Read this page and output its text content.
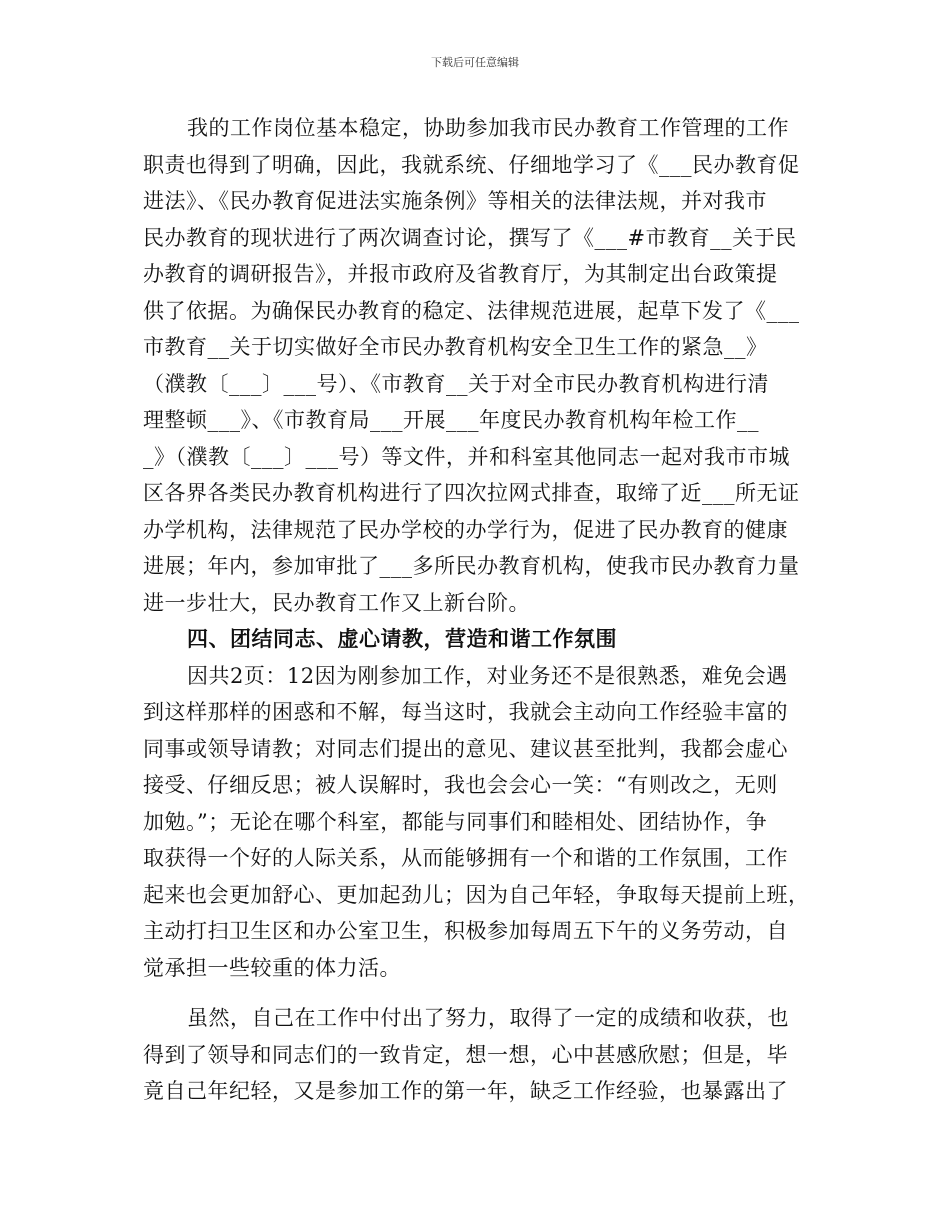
下载后可任意编辑
我的工作岗位基本稳定，协助参加我市民办教育工作管理的工作
职责也得到了明确，因此，我就系统、仔细地学习了《___民办教育促
进法》、《民办教育促进法实施条例》等相关的法律法规，并对我市
民办教育的现状进行了两次调查讨论，撰写了《___#市教育__关于民
办教育的调研报告》，并报市政府及省教育厅，为其制定出台政策提
供了依据。为确保民办教育的稳定、法律规范进展，起草下发了《___
市教育__关于切实做好全市民办教育机构安全卫生工作的紧急__》
（濮教〔___〕___号）、《市教育__关于对全市民办教育机构进行清
理整顿___》、《市教育局___开展___年度民办教育机构年检工作__
_》（濮教〔___〕___号）等文件，并和科室其他同志一起对我市市城
区各界各类民办教育机构进行了四次拉网式排查，取缔了近___所无证
办学机构，法律规范了民办学校的办学行为，促进了民办教育的健康
进展；年内，参加审批了___多所民办教育机构，使我市民办教育力量
进一步壮大，民办教育工作又上新台阶。
四、团结同志、虚心请教，营造和谐工作氛围
因共2页：12因为刚参加工作，对业务还不是很熟悉，难免会遇
到这样那样的困惑和不解，每当这时，我就会主动向工作经验丰富的
同事或领导请教；对同志们提出的意见、建议甚至批判，我都会虚心
接受、仔细反思；被人误解时，我也会会心一笑：“有则改之，无则
加勉。”；无论在哪个科室，都能与同事们和睦相处、团结协作，争
取获得一个好的人际关系，从而能够拥有一个和谐的工作氛围，工作
起来也会更加舒心、更加起劲儿；因为自己年轻，争取每天提前上班，
主动打扫卫生区和办公室卫生，积极参加每周五下午的义务劳动，自
觉承担一些较重的体力活。
虽然，自己在工作中付出了努力，取得了一定的成绩和收获，也
得到了领导和同志们的一致肯定，想一想，心中甚感欣慰；但是，毕
竟自己年纪轻，又是参加工作的第一年，缺乏工作经验，也暴露出了
